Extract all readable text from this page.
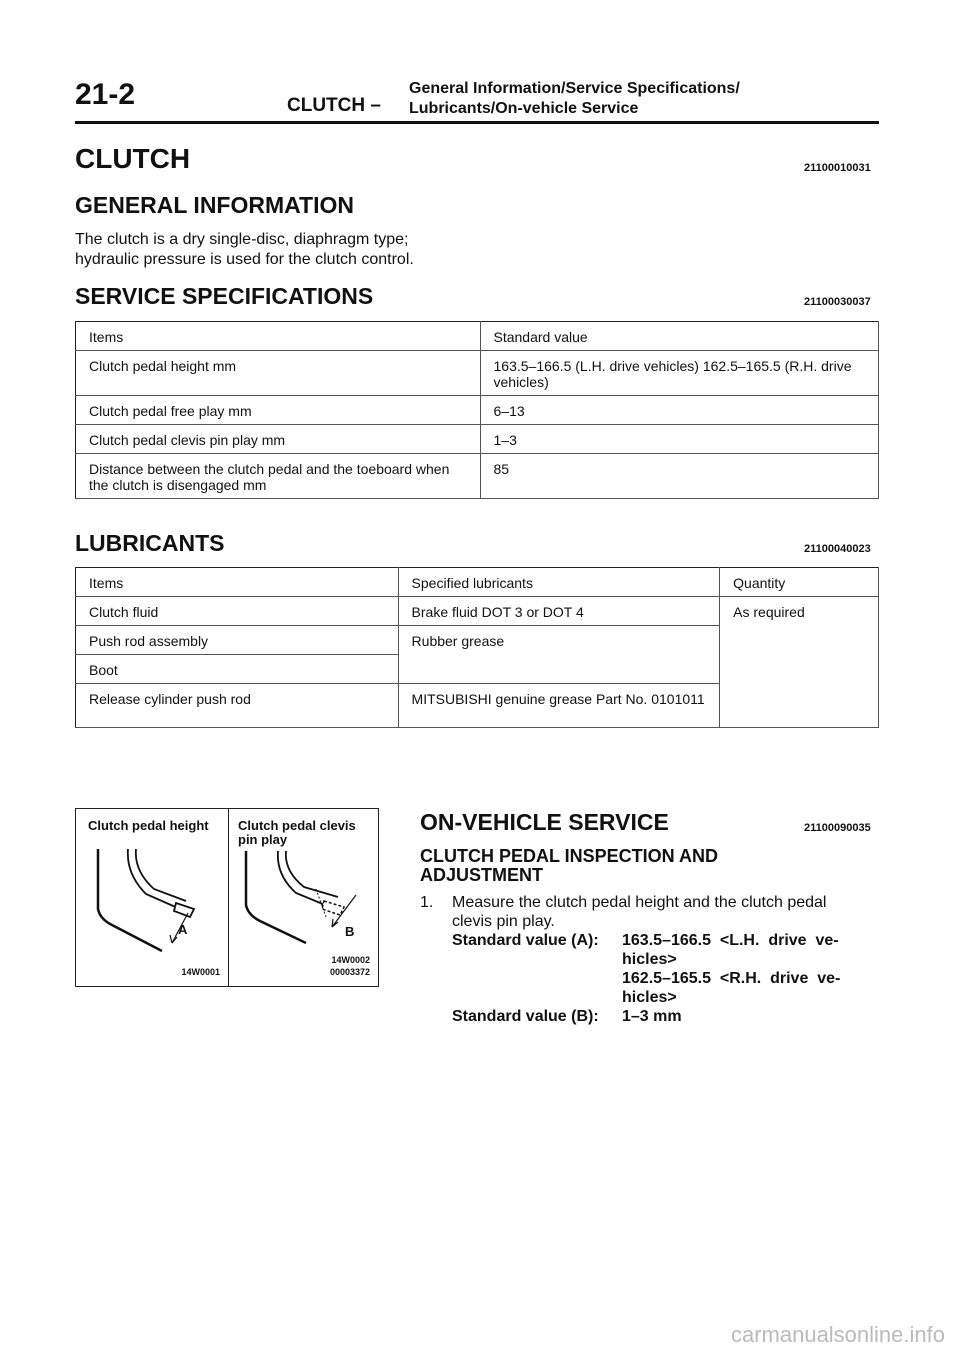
21-2	CLUTCH –
General Information/Service Specifications/
Lubricants/On-vehicle Service
CLUTCH	21100010031
GENERAL INFORMATION
The clutch is a dry single-disc, diaphragm type;
hydraulic pressure is used for the clutch control.
SERVICE SPECIFICATIONS	21100030037
Items	Standard value
Clutch pedal height mm	163.5–166.5 (L.H. drive vehicles) 162.5–165.5 (R.H. drive vehicles)
Clutch pedal free play mm	6–13
Clutch pedal clevis pin play mm	1–3
Distance between the clutch pedal and the toeboard when the clutch is disengaged mm	85
LUBRICANTS	21100040023
Items	Specified lubricants	Quantity
Clutch fluid	Brake fluid DOT 3 or DOT 4	As required
Push rod assembly	Rubber grease	
Boot		
Release cylinder push rod	MITSUBISHI genuine grease Part No. 0101011	
Clutch pedal height
A
14W0001
Clutch pedal clevis pin play
B
14W0002
00003372
ON-VEHICLE SERVICE	21100090035
CLUTCH PEDAL INSPECTION AND
ADJUSTMENT
1. Measure the clutch pedal height and the clutch pedal
clevis pin play.
Standard value (A): 163.5–166.5  <L.H.  drive  ve-
hicles>
162.5–165.5  <R.H.  drive  ve-
hicles>
Standard value (B): 1–3 mm
carmanualsonline.info
